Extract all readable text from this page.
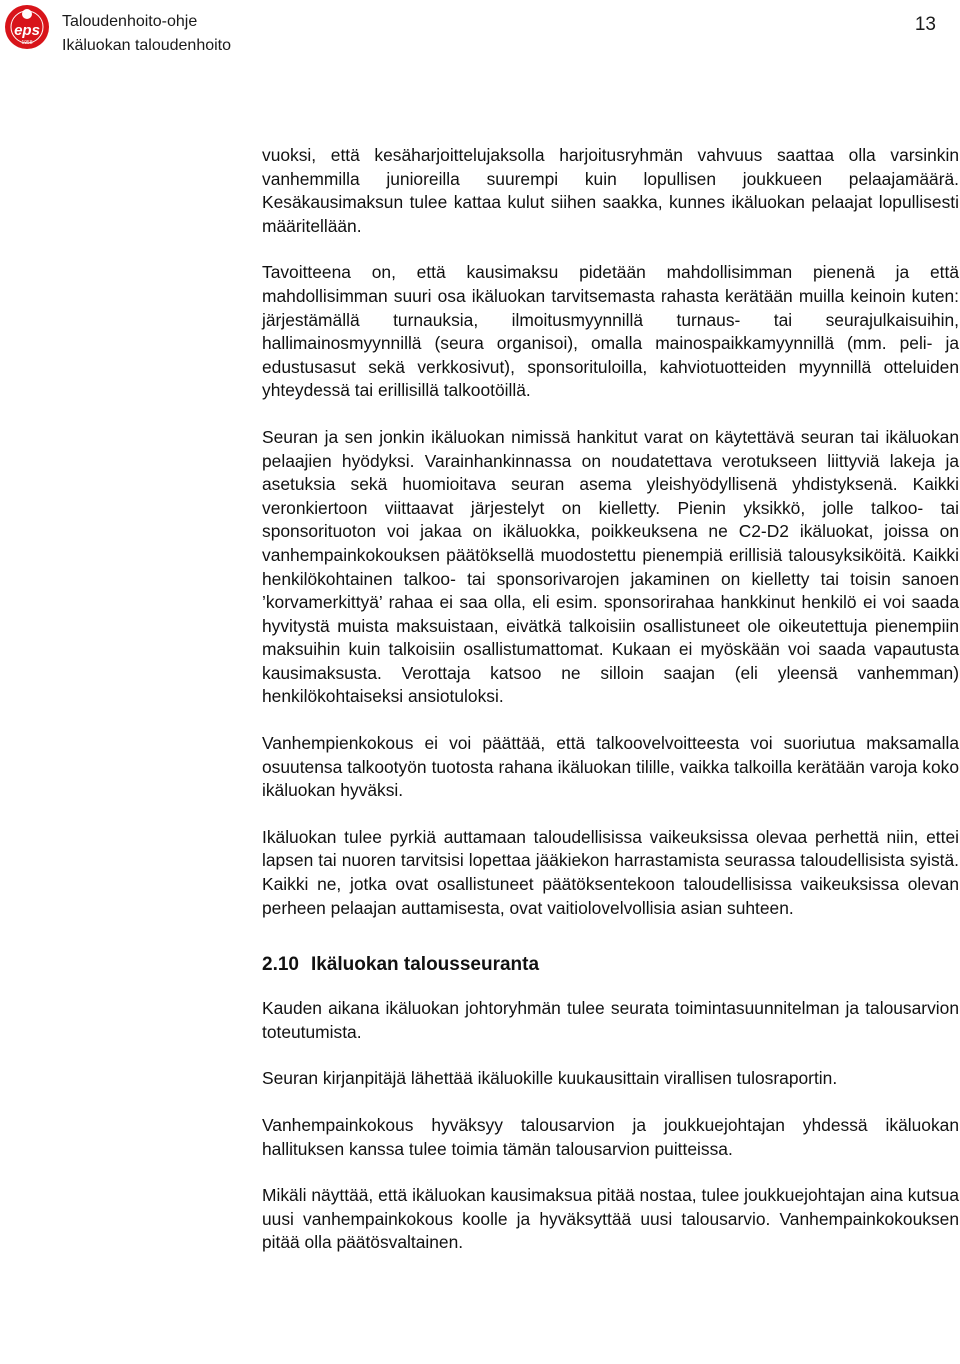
eps
1958
Taloudenhoito-ohje
Ikäluokan taloudenhoito
13

vuoksi, että kesäharjoittelujaksolla harjoitusryhmän vahvuus saattaa olla varsinkin vanhemmilla junioreilla suurempi kuin lopullisen joukkueen pelaajamäärä. Kesäkausimaksun tulee kattaa kulut siihen saakka, kunnes ikäluokan pelaajat lopullisesti määritellään.

Tavoitteena on, että kausimaksu pidetään mahdollisimman pienenä ja että mahdollisimman suuri osa ikäluokan tarvitsemasta rahasta kerätään muilla keinoin kuten: järjestämällä turnauksia, ilmoitusmyynnillä turnaus- tai seurajulkaisuihin, hallimainosmyynnillä (seura organisoi), omalla mainospaikkamyynnillä (mm. peli- ja edustusasut sekä verkkosivut), sponsorituloilla, kahviotuotteiden myynnillä otteluiden yhteydessä tai erillisillä talkootöillä.

Seuran ja sen jonkin ikäluokan nimissä hankitut varat on käytettävä seuran tai ikäluokan pelaajien hyödyksi. Varainhankinnassa on noudatettava verotukseen liittyviä lakeja ja asetuksia sekä huomioitava seuran asema yleishyödyllisenä yhdistyksenä. Kaikki veronkiertoon viittaavat järjestelyt on kielletty. Pienin yksikkö, jolle talkoo- tai sponsorituoton voi jakaa on ikäluokka, poikkeuksena ne C2-D2 ikäluokat, joissa on vanhempainkokouksen päätöksellä muodostettu pienempiä erillisiä talousyksiköitä. Kaikki henkilökohtainen talkoo- tai sponsorivarojen jakaminen on kielletty tai toisin sanoen ’korvamerkittyä’ rahaa ei saa olla, eli esim. sponsorirahaa hankkinut henkilö ei voi saada hyvitystä muista maksuistaan, eivätkä talkoisiin osallistuneet ole oikeutettuja pienempiin maksuihin kuin talkoisiin osallistumattomat. Kukaan ei myöskään voi saada vapautusta kausimaksusta. Verottaja katsoo ne silloin saajan (eli yleensä vanhemman) henkilökohtaiseksi ansiotuloksi.

Vanhempienkokous ei voi päättää, että talkoovelvoitteesta voi suoriutua maksamalla osuutensa talkootyön tuotosta rahana ikäluokan tilille, vaikka talkoilla kerätään varoja koko ikäluokan hyväksi.

Ikäluokan tulee pyrkiä auttamaan taloudellisissa vaikeuksissa olevaa perhettä niin, ettei lapsen tai nuoren tarvitsisi lopettaa jääkiekon harrastamista seurassa taloudellisista syistä. Kaikki ne, jotka ovat osallistuneet päätöksentekoon taloudellisissa vaikeuksissa olevan perheen pelaajan auttamisesta, ovat vaitiolovelvollisia asian suhteen.

2.10 Ikäluokan talousseuranta

Kauden aikana ikäluokan johtoryhmän tulee seurata toimintasuunnitelman ja talousarvion toteutumista.

Seuran kirjanpitäjä lähettää ikäluokille kuukausittain virallisen tulosraportin.

Vanhempainkokous hyväksyy talousarvion ja joukkuejohtajan yhdessä ikäluokan hallituksen kanssa tulee toimia tämän talousarvion puitteissa.

Mikäli näyttää, että ikäluokan kausimaksua pitää nostaa, tulee joukkuejohtajan aina kutsua uusi vanhempainkokous koolle ja hyväksyttää uusi talousarvio. Vanhempainkokouksen pitää olla päätösvaltainen.
